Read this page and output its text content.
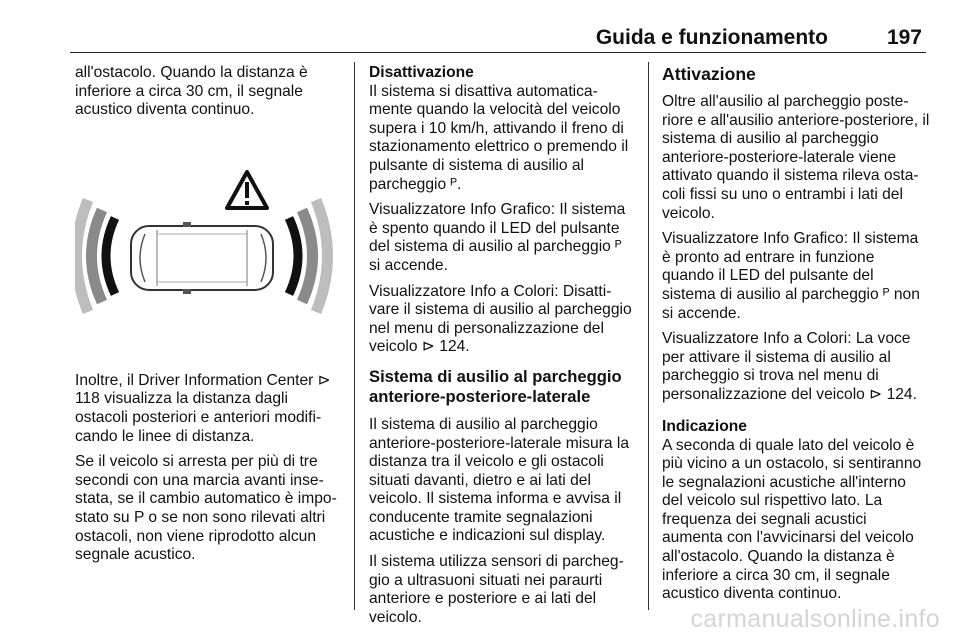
Guida e funzionamento	197

all'ostacolo. Quando la distanza è inferiore a circa 30 cm, il segnale acustico diventa continuo.

Inoltre, il Driver Information Center ⊳ 118 visualizza la distanza dagli ostacoli posteriori e anteriori modificando le linee di distanza.

Se il veicolo si arresta per più di tre secondi con una marcia avanti insestata, se il cambio automatico è impostato su P o se non sono rilevati altri ostacoli, non viene riprodotto alcun segnale acustico.

Disattivazione

Il sistema si disattiva automaticamente quando la velocità del veicolo supera i 10 km/h, attivando il freno di stazionamento elettrico o premendo il pulsante di sistema di ausilio al parcheggio ᴾ.

Visualizzatore Info Grafico: Il sistema è spento quando il LED del pulsante del sistema di ausilio al parcheggio ᴾ si accende.

Visualizzatore Info a Colori: Disattivare il sistema di ausilio al parcheggio nel menu di personalizzazione del veicolo ⊳ 124.

Sistema di ausilio al parcheggio anteriore-posteriore-laterale

Il sistema di ausilio al parcheggio anteriore-posteriore-laterale misura la distanza tra il veicolo e gli ostacoli situati davanti, dietro e ai lati del veicolo. Il sistema informa e avvisa il conducente tramite segnalazioni acustiche e indicazioni sul display.

Il sistema utilizza sensori di parcheggio a ultrasuoni situati nei paraurti anteriore e posteriore e ai lati del veicolo.

Attivazione

Oltre all'ausilio al parcheggio posteriore e all'ausilio anteriore-posteriore, il sistema di ausilio al parcheggio anteriore-posteriore-laterale viene attivato quando il sistema rileva ostacoli fissi su uno o entrambi i lati del veicolo.

Visualizzatore Info Grafico: Il sistema è pronto ad entrare in funzione quando il LED del pulsante del sistema di ausilio al parcheggio ᴾ non si accende.

Visualizzatore Info a Colori: La voce per attivare il sistema di ausilio al parcheggio si trova nel menu di personalizzazione del veicolo ⊳ 124.

Indicazione

A seconda di quale lato del veicolo è più vicino a un ostacolo, si sentiranno le segnalazioni acustiche all'interno del veicolo sul rispettivo lato. La frequenza dei segnali acustici aumenta con l'avvicinarsi del veicolo all'ostacolo. Quando la distanza è inferiore a circa 30 cm, il segnale acustico diventa continuo.

carmanualsonline.info
